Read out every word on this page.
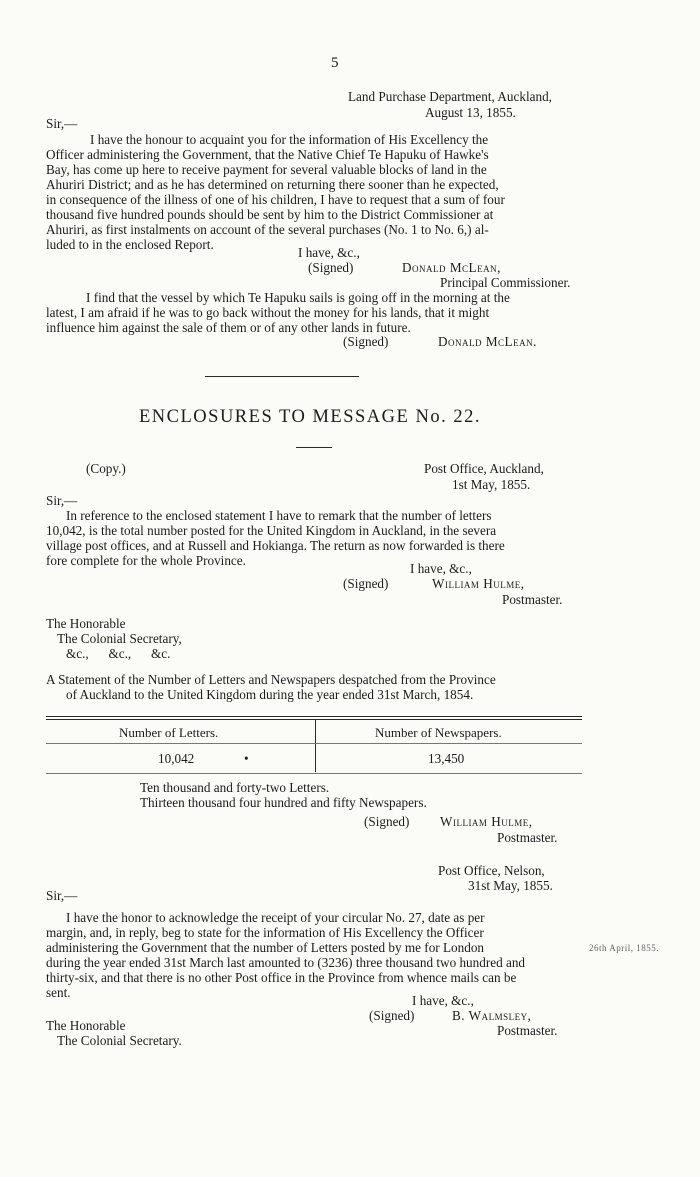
5
Land Purchase Department, Auckland,
August 13, 1855.
Sir,—
I have the honour to acquaint you for the information of His Excellency the
Officer administering the Government, that the Native Chief Te Hapuku of Hawke's
Bay, has come up here to receive payment for several valuable blocks of land in the
Ahuriri District; and as he has determined on returning there sooner than he expected,
in consequence of the illness of one of his children, I have to request that a sum of four
thousand five hundred pounds should be sent by him to the District Commissioner at
Ahuriri, as first instalments on account of the several purchases (No. 1 to No. 6,) al-
luded to in the enclosed Report.
I have, &c.,
(Signed)	Donald McLean,
Principal Commissioner.
I find that the vessel by which Te Hapuku sails is going off in the morning at the
latest, I am afraid if he was to go back without the money for his lands, that it might
influence him against the sale of them or of any other lands in future.
(Signed)	Donald McLean.
ENCLOSURES TO MESSAGE No. 22.
(Copy.)	Post Office, Auckland,
1st May, 1855.
Sir,—
In reference to the enclosed statement I have to remark that the number of letters
10,042, is the total number posted for the United Kingdom in Auckland, in the severa
village post offices, and at Russell and Hokianga. The return as now forwarded is there
fore complete for the whole Province.
I have, &c.,
(Signed)	William Hulme,
Postmaster.
The Honorable
The Colonial Secretary,
&c.,      &c.,      &c.
A Statement of the Number of Letters and Newspapers despatched from the Province
of Auckland to the United Kingdom during the year ended 31st March, 1854.
Number of Letters.	Number of Newspapers.
10,042	•	13,450
Ten thousand and forty-two Letters.
Thirteen thousand four hundred and fifty Newspapers.
(Signed) William Hulme,
Postmaster.
Post Office, Nelson,
31st May, 1855.
Sir,—
I have the honor to acknowledge the receipt of your circular No. 27, date as per
margin, and, in reply, beg to state for the information of His Excellency the Officer
administering the Government that the number of Letters posted by me for London	26th April, 1855.
during the year ended 31st March last amounted to (3236) three thousand two hundred and
thirty-six, and that there is no other Post office in the Province from whence mails can be
sent.
I have, &c.,
(Signed)	B. Walmsley,
Postmaster.
The Honorable
The Colonial Secretary.
